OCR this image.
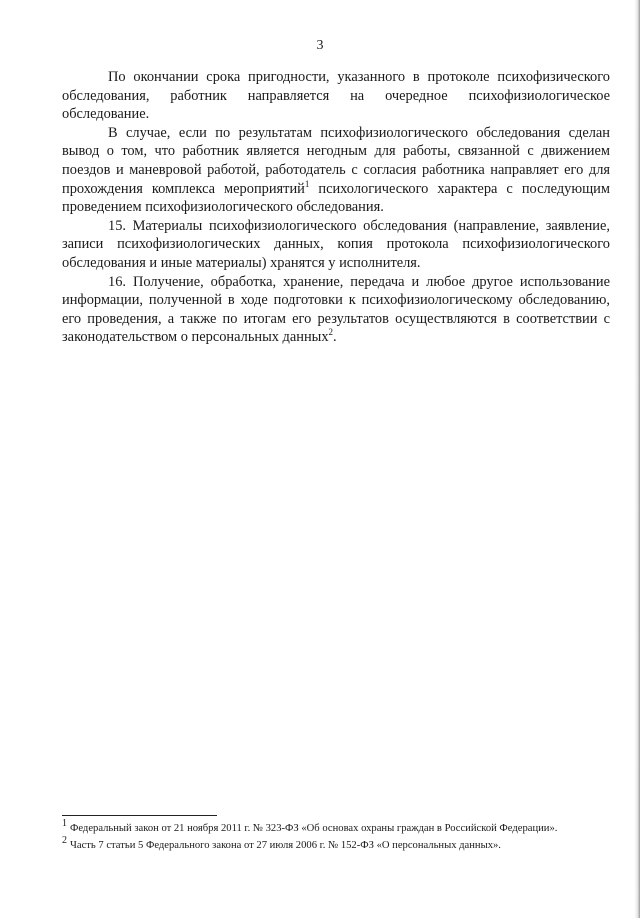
3

По окончании срока пригодности, указанного в протоколе психофизического обследования, работник направляется на очередное психофизиологическое обследование.

В случае, если по результатам психофизиологического обследования сделан вывод о том, что работник является негодным для работы, связанной с движением поездов и маневровой работой, работодатель с согласия работника направляет его для прохождения комплекса мероприятий$^1$ психологического характера с последующим проведением психофизиологического обследования.

15. Материалы психофизиологического обследования (направление, заявление, записи психофизиологических данных, копия протокола психофизиологического обследования и иные материалы) хранятся у исполнителя.

16. Получение, обработка, хранение, передача и любое другое использование информации, полученной в ходе подготовки к психофизиологическому обследованию, его проведения, а также по итогам его результатов осуществляются в соответствии с законодательством о персональных данных$^2$.

$^1$ Федеральный закон от 21 ноября 2011 г. № 323-ФЗ «Об основах охраны граждан в Российской Федерации».

$^2$ Часть 7 статьи 5 Федерального закона от 27 июля 2006 г. № 152-ФЗ «О персональных данных».
